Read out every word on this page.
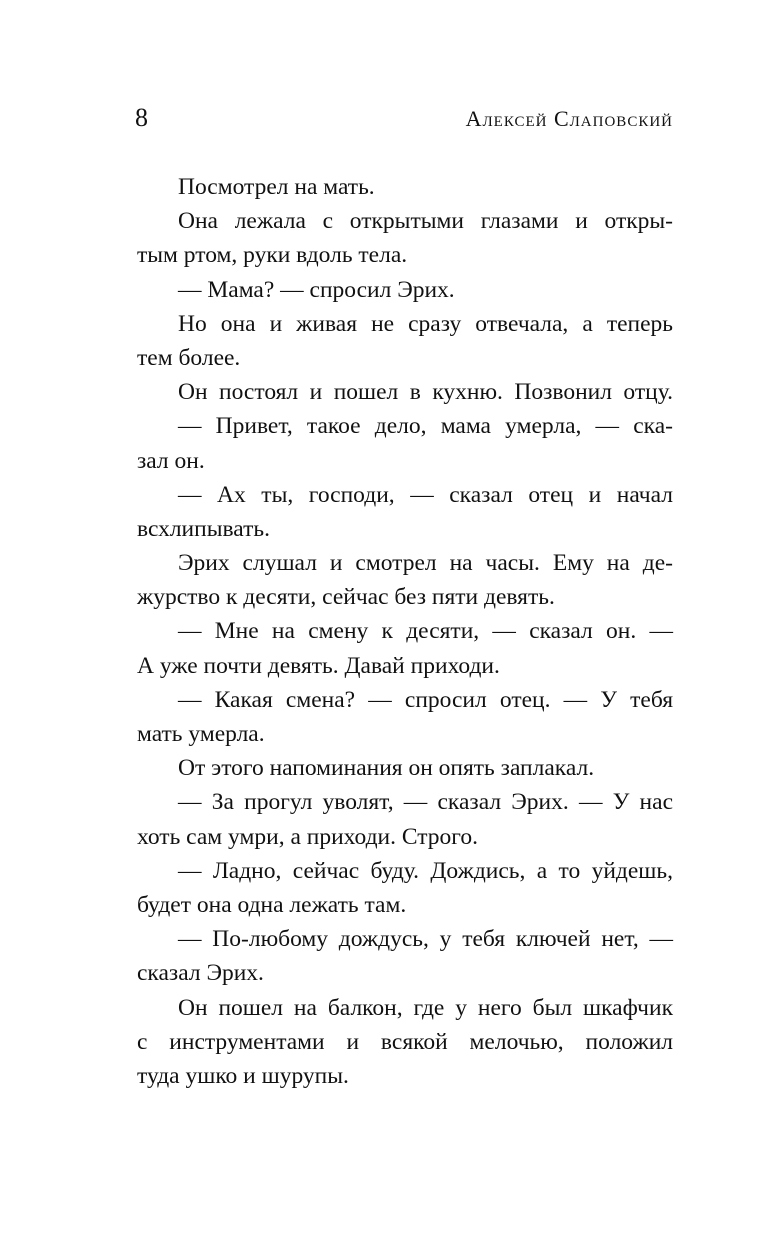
8	Алексей Слаповский
Посмотрел на мать.
Она лежала с открытыми глазами и откры-
тым ртом, руки вдоль тела.
— Мама? — спросил Эрих.
Но она и живая не сразу отвечала, а теперь
тем более.
Он постоял и пошел в кухню. Позвонил отцу.
— Привет, такое дело, мама умерла, — ска-
зал он.
— Ах ты, господи, — сказал отец и начал
всхлипывать.
Эрих слушал и смотрел на часы. Ему на де-
журство к десяти, сейчас без пяти девять.
— Мне на смену к десяти, — сказал он. —
А уже почти девять. Давай приходи.
— Какая смена? — спросил отец. — У тебя
мать умерла.
От этого напоминания он опять заплакал.
— За прогул уволят, — сказал Эрих. — У нас
хоть сам умри, а приходи. Строго.
— Ладно, сейчас буду. Дождись, а то уйдешь,
будет она одна лежать там.
— По-любому дождусь, у тебя ключей нет, —
сказал Эрих.
Он пошел на балкон, где у него был шкафчик
с инструментами и всякой мелочью, положил
туда ушко и шурупы.
